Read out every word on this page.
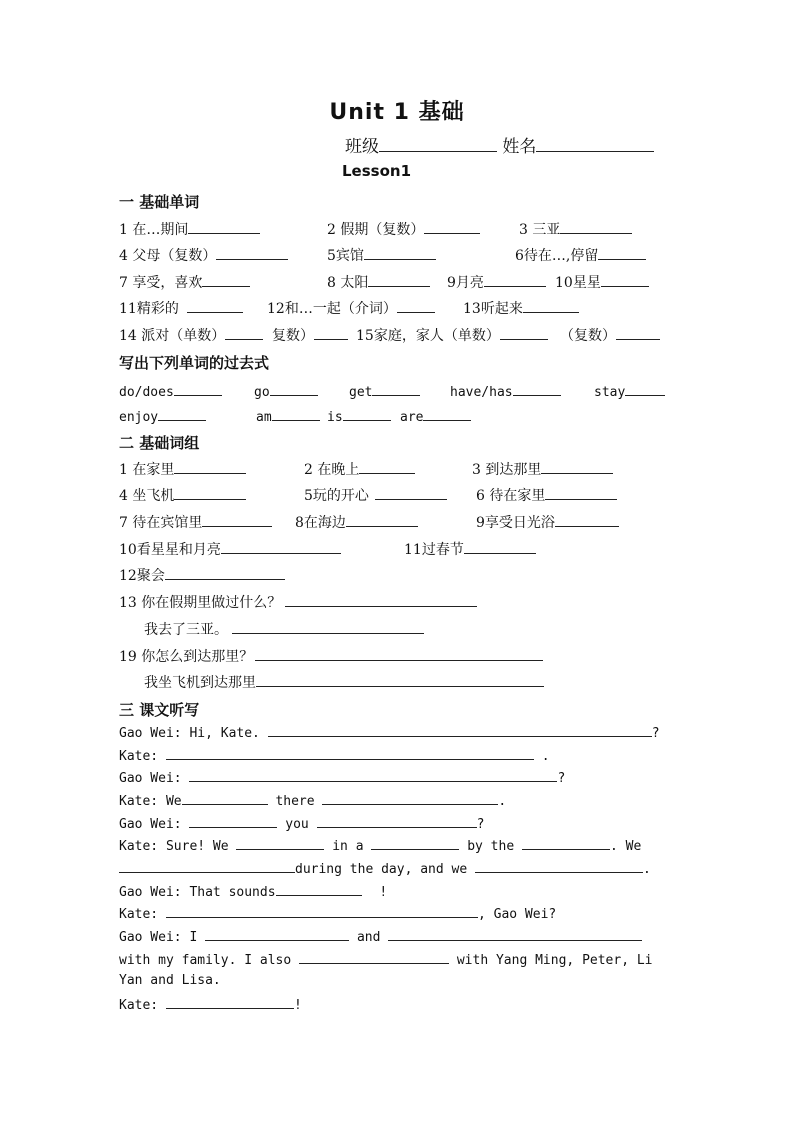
Unit 1 基础
班级	姓名
Lesson1
一 基础单词
1 在…期间	2 假期（复数）	3 三亚
4 父母（复数）	5宾馆	6待在…,停留
7 享受，喜欢	8 太阳	9月亮	10星星
11精彩的	12和…一起（介词）	13听起来
14 派对（单数）	复数）	15家庭，家人（单数）	（复数）
写出下列单词的过去式
do/does	go	get	have/has	stay
enjoy	am	is	are
二 基础词组
1 在家里	2 在晚上	3 到达那里
4 坐飞机	5玩的开心	6 待在家里
7 待在宾馆里	8在海边	9享受日光浴
10看星星和月亮	11过春节
12聚会
13 你在假期里做过什么？
我去了三亚。
19 你怎么到达那里？
我坐飞机到达那里
三 课文听写
Gao Wei: Hi, Kate.	?
Kate:	.
Gao Wei:	?
Kate: We	there	.
Gao Wei:	you	?
Kate: Sure! We	in a	by the	. We
during the day, and we	.
Gao Wei: That sounds	!
Kate:	, Gao Wei?
Gao Wei: I	and
with my family. I also	with Yang Ming, Peter, Li
Yan and Lisa.
Kate:	!
